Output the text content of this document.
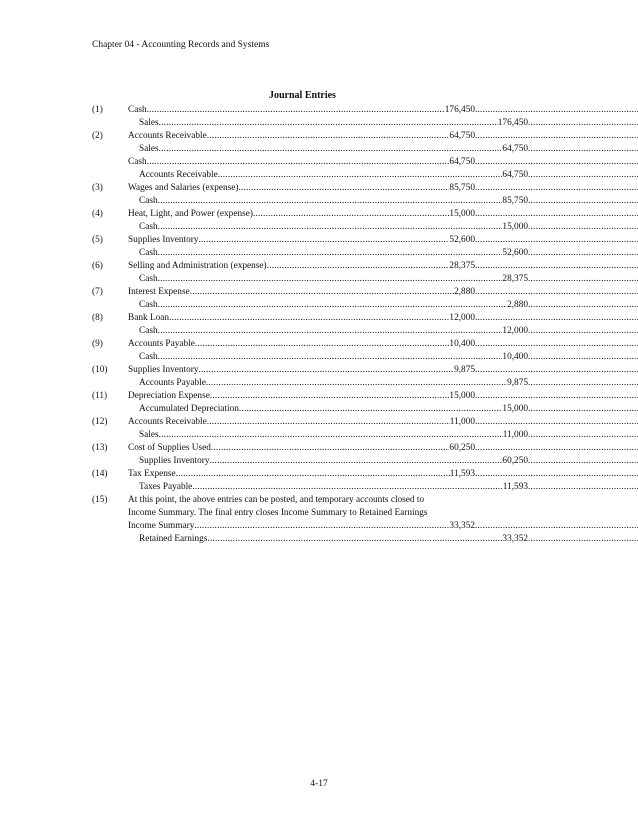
Chapter 04 - Accounting Records and Systems
Journal Entries
(1)	Cash .....	176,450
.....
Sales .....	176,450
.....
(2)	Accounts Receivable .....	64,750
.....
Sales .....	64,750
.....
Cash .....	64,750
.....
Accounts Receivable .....	64,750
.....
(3)	Wages and Salaries (expense) .....	85,750
.....
Cash .....	85,750
.....
(4)	Heat, Light, and Power (expense) .....	15,000
.....
Cash .....	15,000
.....
(5)	Supplies Inventory .....	52,600
.....
Cash .....	52,600
.....
(6)	Selling and Administration (expense) .....	28,375
.....
Cash .....	28,375
.....
(7)	Interest Expense .....	2,880
.....
Cash .....	2,880
.....
(8)	Bank Loan .....	12,000
.....
Cash .....	12,000
.....
(9)	Accounts Payable .....	10,400
.....
Cash .....	10,400
.....
(10) Supplies Inventory .....	9,875
.....
Accounts Payable .....	9,875
.....
(11) Depreciation Expense .....	15,000
.....
Accumulated Depreciation .....	15,000
.....
(12) Accounts Receivable .....	11,000
.....
Sales .....	11,000
.....
(13) Cost of Supplies Used .....	60,250
.....
Supplies Inventory .....	60,250
.....
(14) Tax Expense .....	11,593
.....
Taxes Payable .....	11,593
.....
(15) At this point, the above entries can be posted, and temporary accounts closed to
Income Summary. The final entry closes Income Summary to Retained Earnings
Income Summary .....	33,352
.....
Retained Earnings .....	33,352
.....
4-17
